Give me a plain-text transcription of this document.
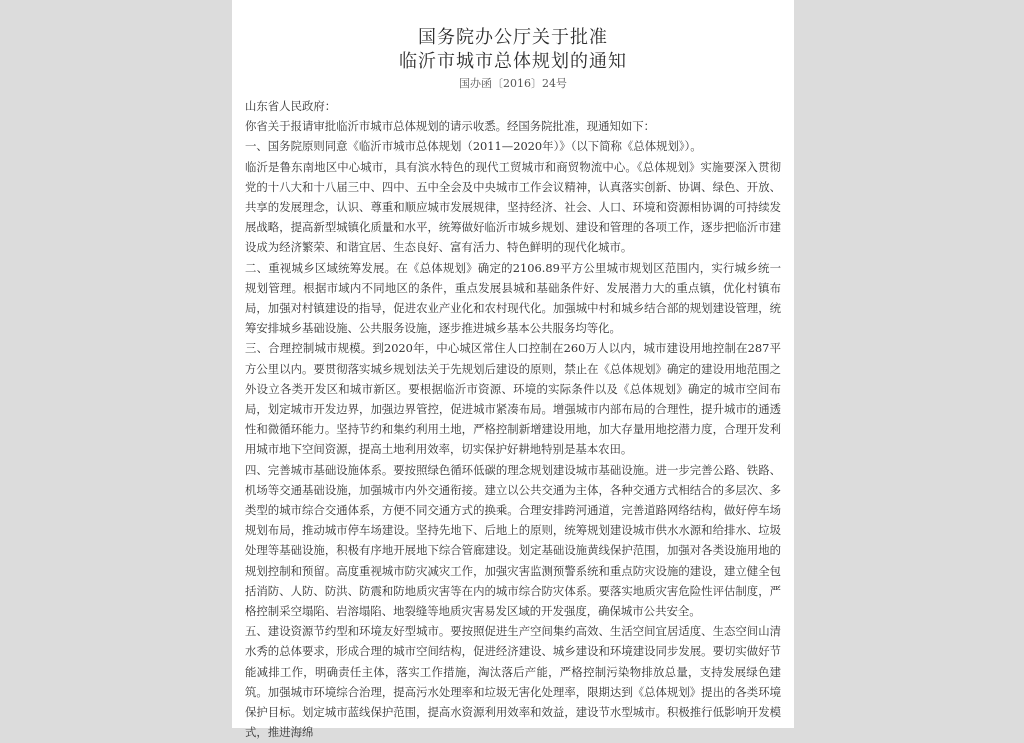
国务院办公厅关于批准
临沂市城市总体规划的通知
国办函〔2016〕24号

山东省人民政府：

你省关于报请审批临沂市城市总体规划的请示收悉。经国务院批准，现通知如下：

一、国务院原则同意《临沂市城市总体规划（2011—2020年）》（以下简称《总体规划》）。

临沂是鲁东南地区中心城市，具有滨水特色的现代工贸城市和商贸物流中心。《总体规划》实施要深入贯彻党的十八大和十八届三中、四中、五中全会及中央城市工作会议精神，认真落实创新、协调、绿色、开放、共享的发展理念，认识、尊重和顺应城市发展规律，坚持经济、社会、人口、环境和资源相协调的可持续发展战略，提高新型城镇化质量和水平，统筹做好临沂市城乡规划、建设和管理的各项工作，逐步把临沂市建设成为经济繁荣、和谐宜居、生态良好、富有活力、特色鲜明的现代化城市。

二、重视城乡区域统筹发展。在《总体规划》确定的2106.89平方公里城市规划区范围内，实行城乡统一规划管理。根据市域内不同地区的条件，重点发展县城和基础条件好、发展潜力大的重点镇，优化村镇布局，加强对村镇建设的指导，促进农业产业化和农村现代化。加强城中村和城乡结合部的规划建设管理，统筹安排城乡基础设施、公共服务设施，逐步推进城乡基本公共服务均等化。

三、合理控制城市规模。到2020年，中心城区常住人口控制在260万人以内，城市建设用地控制在287平方公里以内。要贯彻落实城乡规划法关于先规划后建设的原则，禁止在《总体规划》确定的建设用地范围之外设立各类开发区和城市新区。要根据临沂市资源、环境的实际条件以及《总体规划》确定的城市空间布局，划定城市开发边界，加强边界管控，促进城市紧凑布局。增强城市内部布局的合理性，提升城市的通透性和微循环能力。坚持节约和集约利用土地，严格控制新增建设用地，加大存量用地挖潜力度，合理开发利用城市地下空间资源，提高土地利用效率，切实保护好耕地特别是基本农田。

四、完善城市基础设施体系。要按照绿色循环低碳的理念规划建设城市基础设施。进一步完善公路、铁路、机场等交通基础设施，加强城市内外交通衔接。建立以公共交通为主体，各种交通方式相结合的多层次、多类型的城市综合交通体系，方便不同交通方式的换乘。合理安排跨河通道，完善道路网络结构，做好停车场规划布局，推动城市停车场建设。坚持先地下、后地上的原则，统筹规划建设城市供水水源和给排水、垃圾处理等基础设施，积极有序地开展地下综合管廊建设。划定基础设施黄线保护范围，加强对各类设施用地的规划控制和预留。高度重视城市防灾减灾工作，加强灾害监测预警系统和重点防灾设施的建设，建立健全包括消防、人防、防洪、防震和防地质灾害等在内的城市综合防灾体系。要落实地质灾害危险性评估制度，严格控制采空塌陷、岩溶塌陷、地裂缝等地质灾害易发区域的开发强度，确保城市公共安全。

五、建设资源节约型和环境友好型城市。要按照促进生产空间集约高效、生活空间宜居适度、生态空间山清水秀的总体要求，形成合理的城市空间结构，促进经济建设、城乡建设和环境建设同步发展。要切实做好节能减排工作，明确责任主体，落实工作措施，淘汰落后产能，严格控制污染物排放总量，支持发展绿色建筑。加强城市环境综合治理，提高污水处理率和垃圾无害化处理率，限期达到《总体规划》提出的各类环境保护目标。划定城市蓝线保护范围，提高水资源利用效率和效益，建设节水型城市。积极推行低影响开发模式，推进海绵
